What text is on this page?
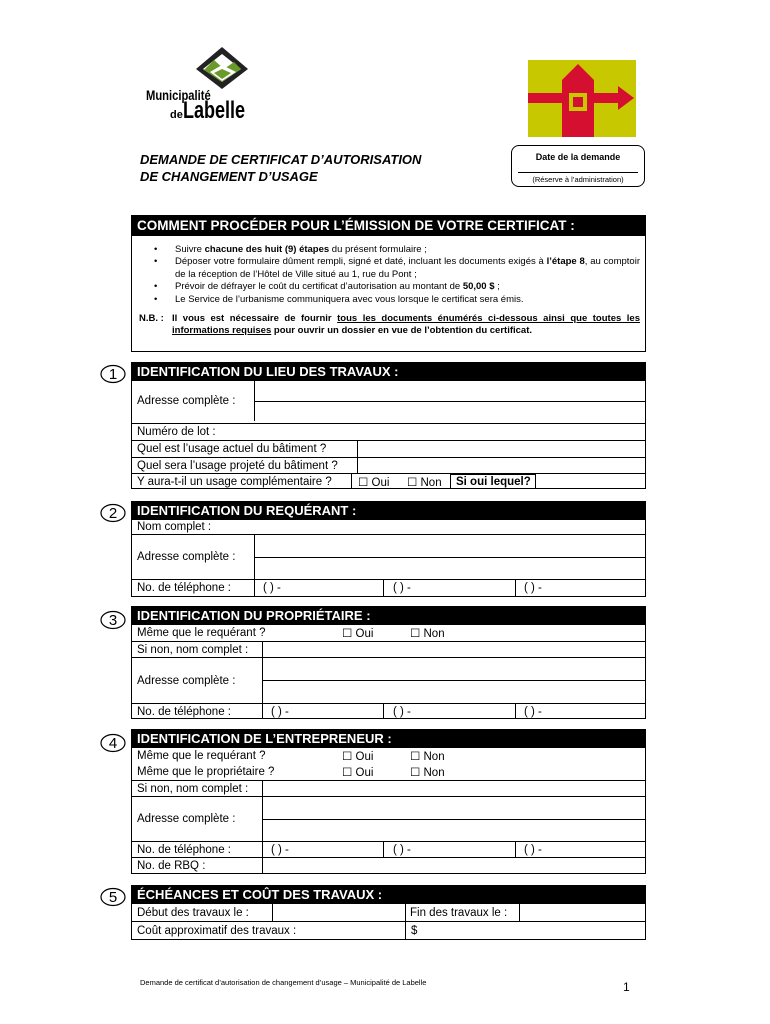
Municipalité
de Labelle
DEMANDE DE CERTIFICAT D’AUTORISATION
DE CHANGEMENT D’USAGE
Date de la demande
(Réserve à l’administration)
COMMENT PROCÉDER POUR L’ÉMISSION DE VOTRE CERTIFICAT :
• Suivre chacune des huit (9) étapes du présent formulaire ;
• Déposer votre formulaire dûment rempli, signé et daté, incluant les documents exigés à l’étape 8, au comptoir de la réception de l’Hôtel de Ville situé au 1, rue du Pont ;
• Prévoir de défrayer le coût du certificat d’autorisation au montant de 50,00 $ ;
• Le Service de l’urbanisme communiquera avec vous lorsque le certificat sera émis.
N.B. : Il vous est nécessaire de fournir tous les documents énumérés ci-dessous ainsi que toutes les informations requises pour ouvrir un dossier en vue de l’obtention du certificat.
1
2
3
4
5
IDENTIFICATION DU LIEU DES TRAVAUX :
Adresse complète :
Numéro de lot :
Quel est l’usage actuel du bâtiment ?
Quel sera l’usage projeté du bâtiment ?
Y aura-t-il un usage complémentaire ?	☐ Oui	☐ Non	Si oui lequel?
IDENTIFICATION DU REQUÉRANT :
Nom complet :
Adresse complète :
No. de téléphone :	( ) -	( ) -	( ) -
IDENTIFICATION DU PROPRIÉTAIRE :
Même que le requérant ?	☐ Oui	☐ Non
Si non, nom complet :
Adresse complète :
No. de téléphone :	( ) -	( ) -	( ) -
IDENTIFICATION DE L’ENTREPRENEUR :
Même que le requérant ?	☐ Oui	☐ Non
Même que le propriétaire ?	☐ Oui	☐ Non
Si non, nom complet :
Adresse complète :
No. de téléphone :	( ) -	( ) -	( ) -
No. de RBQ :
ÉCHÉANCES ET COÛT DES TRAVAUX :
Début des travaux le :	Fin des travaux le :
Coût approximatif des travaux :	$
Demande de certificat d’autorisation de changement d’usage – Municipalité de Labelle	1
